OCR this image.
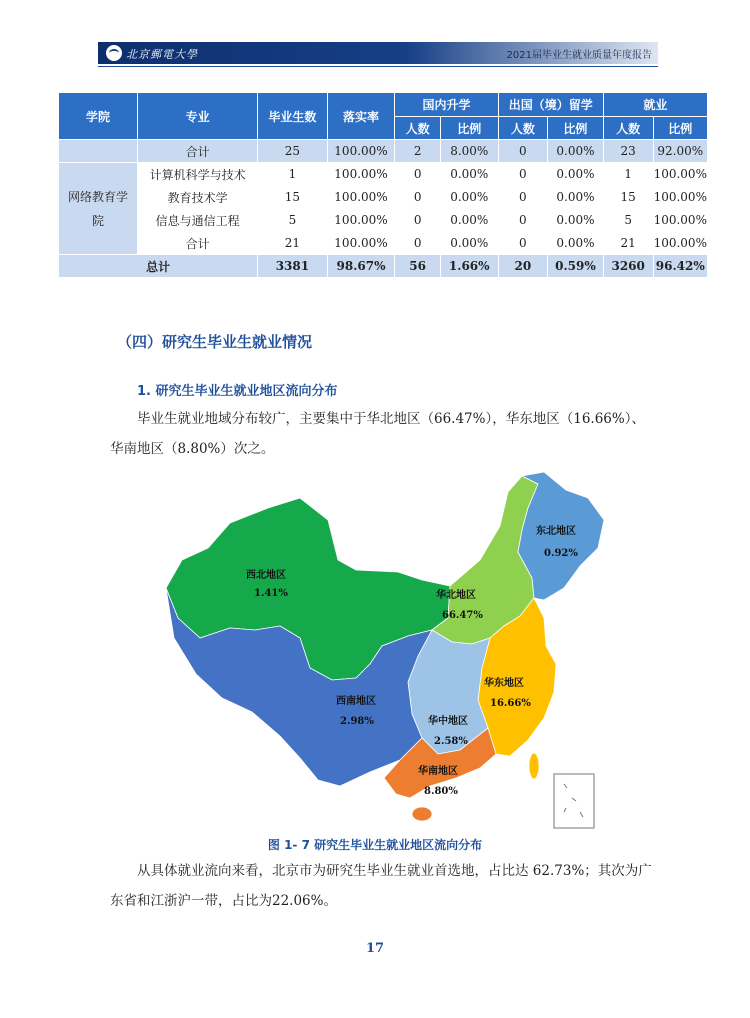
北京郵電大學	2021届毕业生就业质量年度报告
学院	专业	毕业生数	落实率	国内升学		出国（境）留学		就业	
				人数	比例	人数	比例	人数	比例
	合计	25	100.00%	2	8.00%	0	0.00%	23	92.00%
网络教育学院	计算机科学与技术	1	100.00%	0	0.00%	0	0.00%	1	100.00%
	教育技术学	15	100.00%	0	0.00%	0	0.00%	15	100.00%
	信息与通信工程	5	100.00%	0	0.00%	0	0.00%	5	100.00%
	合计	21	100.00%	0	0.00%	0	0.00%	21	100.00%
总计		3381	98.67%	56	1.66%	20	0.59%	3260	96.42%
（四）研究生毕业生就业情况
1. 研究生毕业生就业地区流向分布
毕业生就业地域分布较广，主要集中于华北地区（66.47%），华东地区（16.66%）、华南地区（8.80%）次之。
西北地区
1.41%	华北地区
66.47%
东北地区
0.92%
华东地区
16.66%
华中地区
2.58%
西南地区
2.98%
华南地区
8.80%
图 1- 7 研究生毕业生就业地区流向分布
从具体就业流向来看，北京市为研究生毕业生就业首选地，占比达 62.73%；其次为广东省和江浙沪一带，占比为22.06%。
17
